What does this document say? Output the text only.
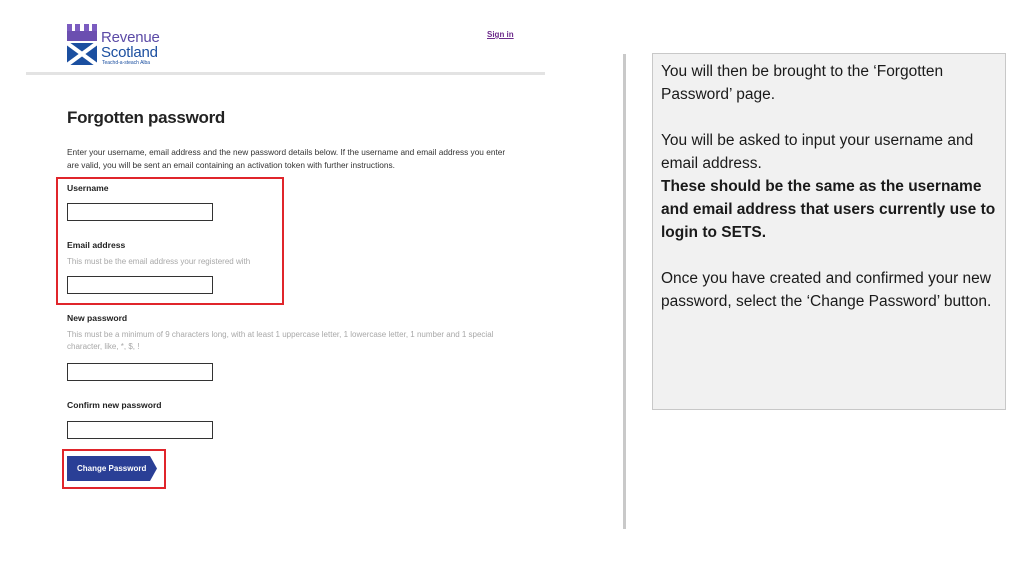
Revenue
Scotland
Teachd-a-steach Alba
Sign in
Forgotten password
Enter your username, email address and the new password details below. If the username and email address you enter are valid, you will be sent an email containing an activation token with further instructions.
Username
Email address
This must be the email address your registered with
New password
This must be a minimum of 9 characters long, with at least 1 uppercase letter, 1 lowercase letter, 1 number and 1 special character, like, *, $, !
Confirm new password
Change Password

You will then be brought to the ‘Forgotten Password’ page.

You will be asked to input your username and email address.

These should be the same as the username and email address that users currently use to login to SETS.

Once you have created and confirmed your new password, select the ‘Change Password’ button.
